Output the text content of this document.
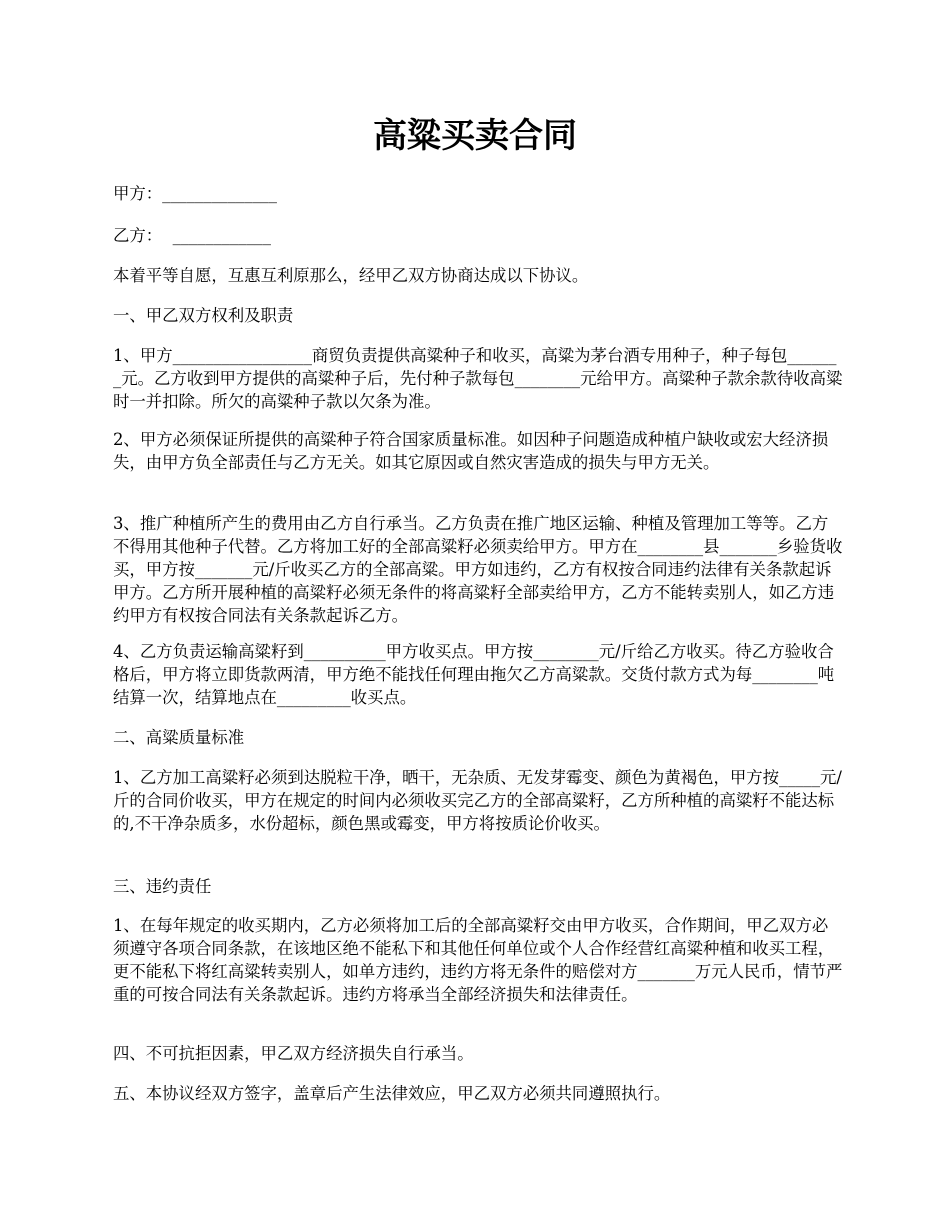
高粱买卖合同
甲方：______________
乙方：  ____________
本着平等自愿，互惠互利原那么，经甲乙双方协商达成以下协议。
一、甲乙双方权利及职责
1、甲方_________________商贸负责提供高粱种子和收买，高粱为茅台酒专用种子，种子每包_______元。乙方收到甲方提供的高粱种子后，先付种子款每包________元给甲方。高粱种子款余款待收高粱时一并扣除。所欠的高粱种子款以欠条为准。
2、甲方必须保证所提供的高粱种子符合国家质量标准。如因种子问题造成种植户缺收或宏大经济损失，由甲方负全部责任与乙方无关。如其它原因或自然灾害造成的损失与甲方无关。
3、推广种植所产生的费用由乙方自行承当。乙方负责在推广地区运输、种植及管理加工等等。乙方不得用其他种子代替。乙方将加工好的全部高粱籽必须卖给甲方。甲方在________县_______乡验货收买，甲方按_______元/斤收买乙方的全部高粱。甲方如违约，乙方有权按合同违约法律有关条款起诉甲方。乙方所开展种植的高粱籽必须无条件的将高粱籽全部卖给甲方，乙方不能转卖别人，如乙方违约甲方有权按合同法有关条款起诉乙方。
4、乙方负责运输高粱籽到__________甲方收买点。甲方按________元/斤给乙方收买。待乙方验收合格后，甲方将立即货款两清，甲方绝不能找任何理由拖欠乙方高粱款。交货付款方式为每________吨结算一次，结算地点在_________收买点。
二、高粱质量标准
1、乙方加工高粱籽必须到达脱粒干净，晒干，无杂质、无发芽霉变、颜色为黄褐色，甲方按_____元/斤的合同价收买，甲方在规定的时间内必须收买完乙方的全部高粱籽，乙方所种植的高粱籽不能达标的,不干净杂质多，水份超标，颜色黑或霉变，甲方将按质论价收买。
三、违约责任
1、在每年规定的收买期内，乙方必须将加工后的全部高粱籽交由甲方收买，合作期间，甲乙双方必须遵守各项合同条款，在该地区绝不能私下和其他任何单位或个人合作经营红高粱种植和收买工程，更不能私下将红高粱转卖别人，如单方违约，违约方将无条件的赔偿对方_______万元人民币，情节严重的可按合同法有关条款起诉。违约方将承当全部经济损失和法律责任。
四、不可抗拒因素，甲乙双方经济损失自行承当。
五、本协议经双方签字，盖章后产生法律效应，甲乙双方必须共同遵照执行。
